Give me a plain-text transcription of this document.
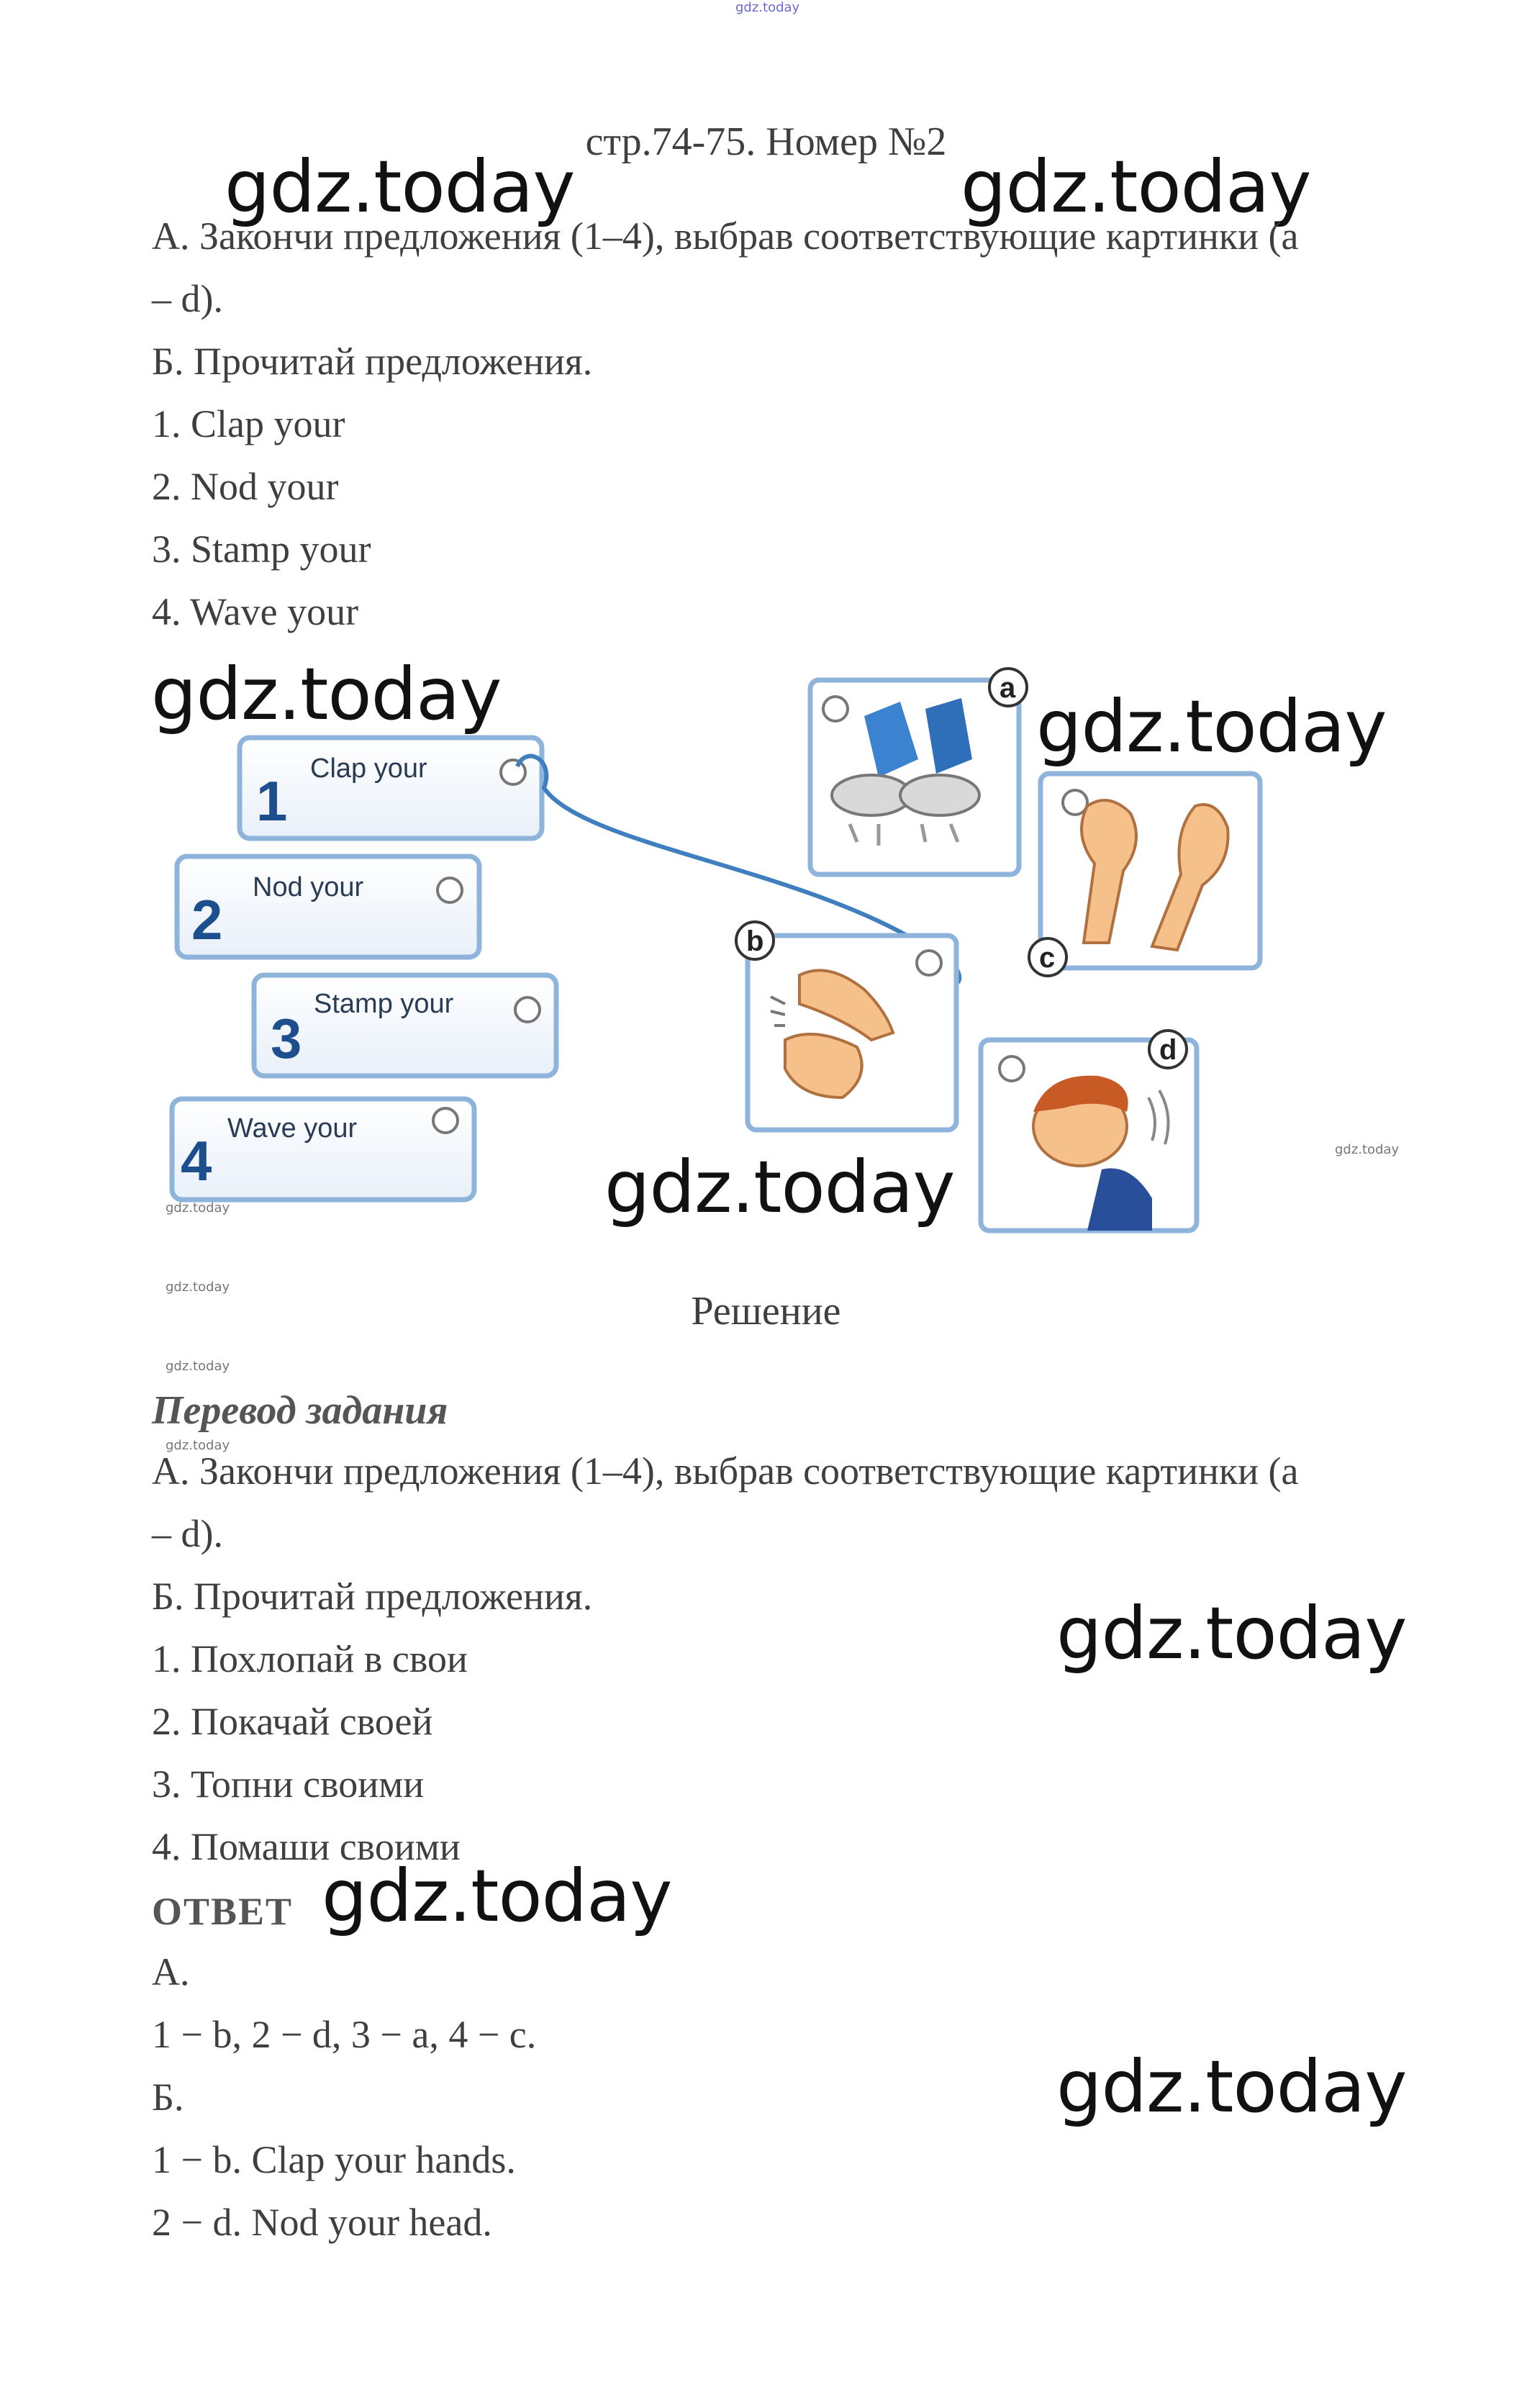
gdz.today
стр.74-75. Номер №2
gdz.today	gdz.today
А. Закончи предложения (1–4), выбрав соответствующие картинки (а
– d).
Б. Прочитай предложения.
1. Clap your
2. Nod your
3. Stamp your
4. Wave your
1
Clap your
2
Nod your
3
Stamp your
4
Wave your
a
c
b
d
gdz.today	gdz.today
gdz.today	gdz.today
gdz.today
gdz.today
gdz.today
gdz.today
Решение
Перевод задания
А. Закончи предложения (1–4), выбрав соответствующие картинки (а
– d).
Б. Прочитай предложения.
1. Похлопай в свои
2. Покачай своей
3. Топни своими
4. Помаши своими
gdz.today
ОТВЕТ gdz.today
А.
1 − b, 2 − d, 3 − a, 4 − c.
Б.
1 − b. Clap your hands.
2 − d. Nod your head.
gdz.today
